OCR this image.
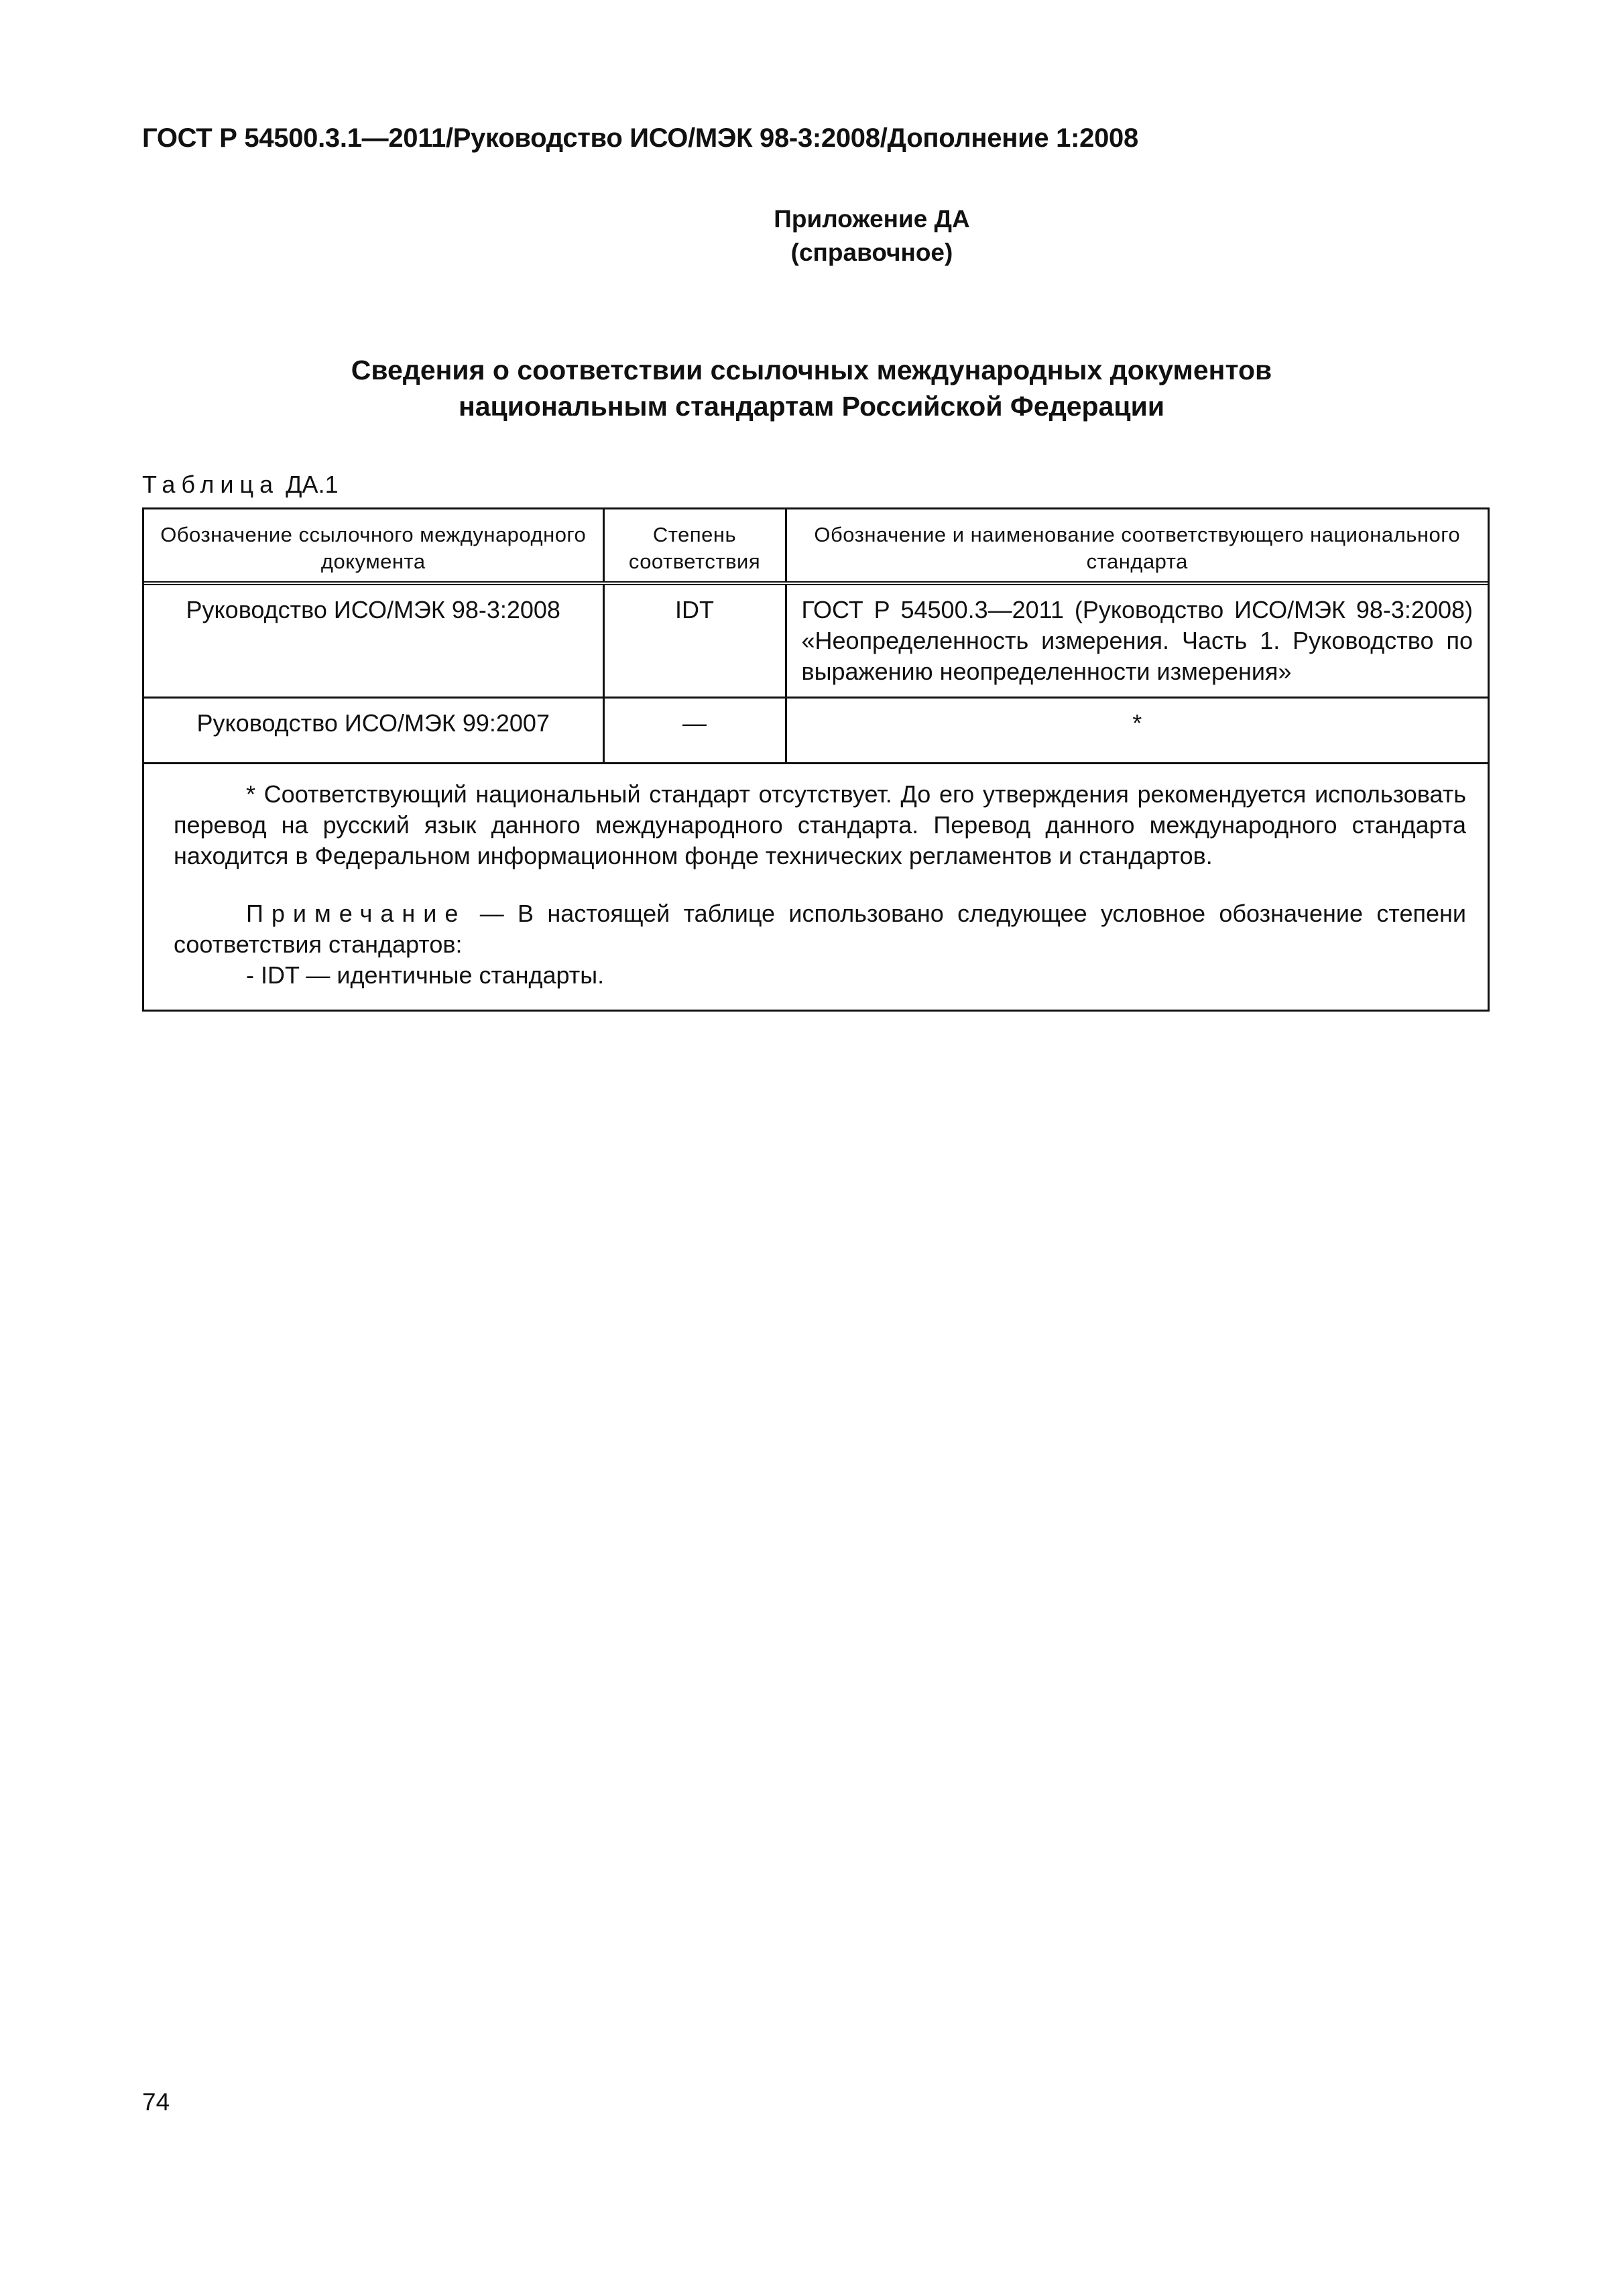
ГОСТ Р 54500.3.1—2011/Руководство ИСО/МЭК 98-3:2008/Дополнение 1:2008
Приложение ДА
(справочное)
Сведения о соответствии ссылочных международных документов
национальным стандартам Российской Федерации
Таблица ДА.1
Обозначение ссылочного международного документа	Степень соответствия	Обозначение и наименование соответствующего национального стандарта
Руководство ИСО/МЭК 98-3:2008	IDT	ГОСТ Р 54500.3—2011 (Руководство ИСО/МЭК 98-3:2008) «Неопределенность измерения. Часть 1. Руководство по выражению неопределенности измерения»
Руководство ИСО/МЭК 99:2007	—	*

* Соответствующий национальный стандарт отсутствует. До его утверждения рекомендуется использовать перевод на русский язык данного международного стандарта. Перевод данного международного стандарта находится в Федеральном информационном фонде технических регламентов и стандартов.

Примечание — В настоящей таблице использовано следующее условное обозначение степени соответствия стандартов:

- IDT — идентичные стандарты.

74
